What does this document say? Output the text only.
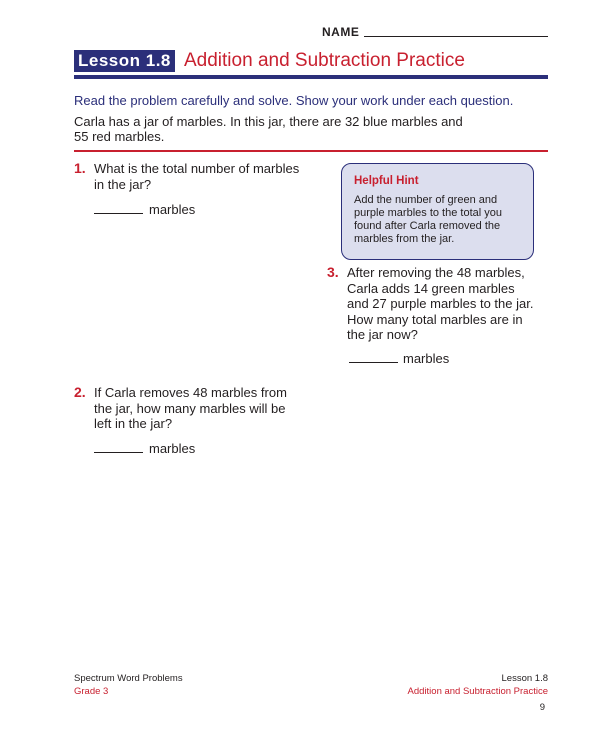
NAME
Lesson 1.8 Addition and Subtraction Practice
Read the problem carefully and solve. Show your work under each question.
Carla has a jar of marbles. In this jar, there are 32 blue marbles and
55 red marbles.
1. What is the total number of marbles
in the jar?
marbles
Helpful Hint
Add the number of green and
purple marbles to the total you
found after Carla removed the
marbles from the jar.
3. After removing the 48 marbles,
Carla adds 14 green marbles
and 27 purple marbles to the jar.
How many total marbles are in
the jar now?
marbles
2. If Carla removes 48 marbles from
the jar, how many marbles will be
left in the jar?
marbles
Spectrum Word Problems
Grade 3
Lesson 1.8
Addition and Subtraction Practice
9
